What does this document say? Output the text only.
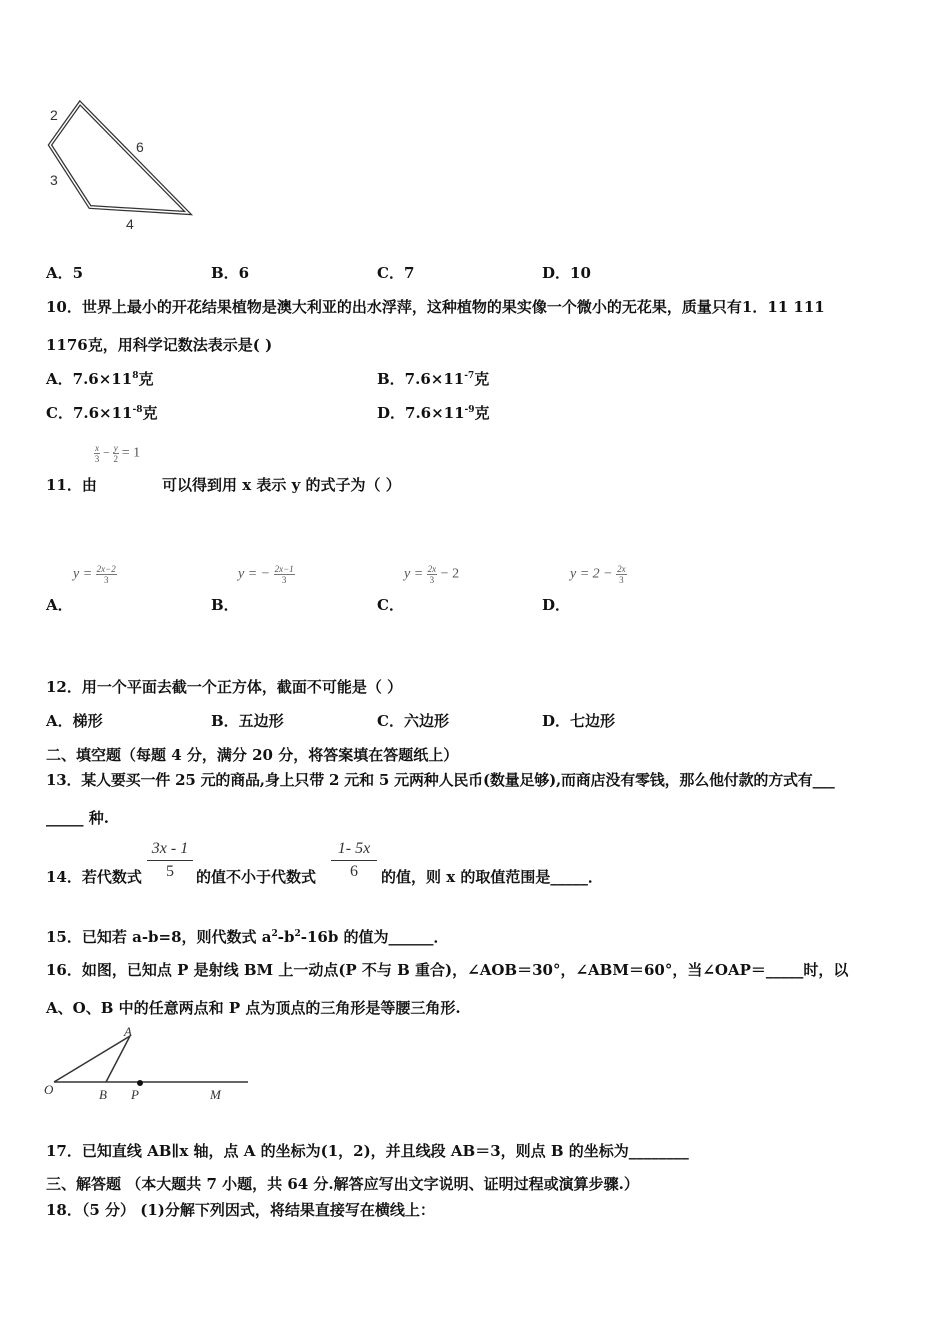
2
6
3
4
A．5	B．6	C．7	D．10
10．世界上最小的开花结果植物是澳大利亚的出水浮萍，这种植物的果实像一个微小的无花果，质量只有1．11 111
1176克，用科学记数法表示是( )
A．$7.6\times 11^8$克	B．$7.6\times 11^{-7}$克
C．$7.6\times 11^{-8}$克	D．$7.6\times 11^{-9}$克
$\frac{x}{3} - \frac{y}{2} = 1$
11．由	可以得到用 x 表示 y 的式子为（ ）
$y = \frac{2x-2}{3}$	y = − $\frac{2x-1}{3}$	$y = \frac{2x}{3} - 2$	$y = 2 - \frac{2x}{3}$
A．	B．	C．	D．
12．用一个平面去截一个正方体，截面不可能是（ ）
A．梯形	B．五边形	C．六边形	D．七边形
二、填空题（每题 4 分，满分 20 分，将答案填在答题纸上）
13．某人要买一件 25 元的商品,身上只带 2 元和 5 元两种人民币(数量足够),而商店没有零钱，那么他付款的方式有___
_____ 种.
14．若代数式 $\frac{3x - 1}{5}$ 的值不小于代数式 $\frac{1- 5x}{6}$ 的值，则 x 的取值范围是_____．
15．已知若 a-b=8，则代数式 $a^2-b^2-16b$ 的值为______．
16．如图，已知点 P 是射线 BM 上一动点(P 不与 B 重合)，∠AOB＝30°，∠ABM＝60°，当∠OAP＝_____时，以
A、O、B 中的任意两点和 P 点为顶点的三角形是等腰三角形.
A
O	B P	M
17．已知直线 AB∥x 轴，点 A 的坐标为(1，2)，并且线段 AB＝3，则点 B 的坐标为________
三、解答题 （本大题共 7 小题，共 64 分.解答应写出文字说明、证明过程或演算步骤.）
18．（5 分） (1)分解下列因式，将结果直接写在横线上：
